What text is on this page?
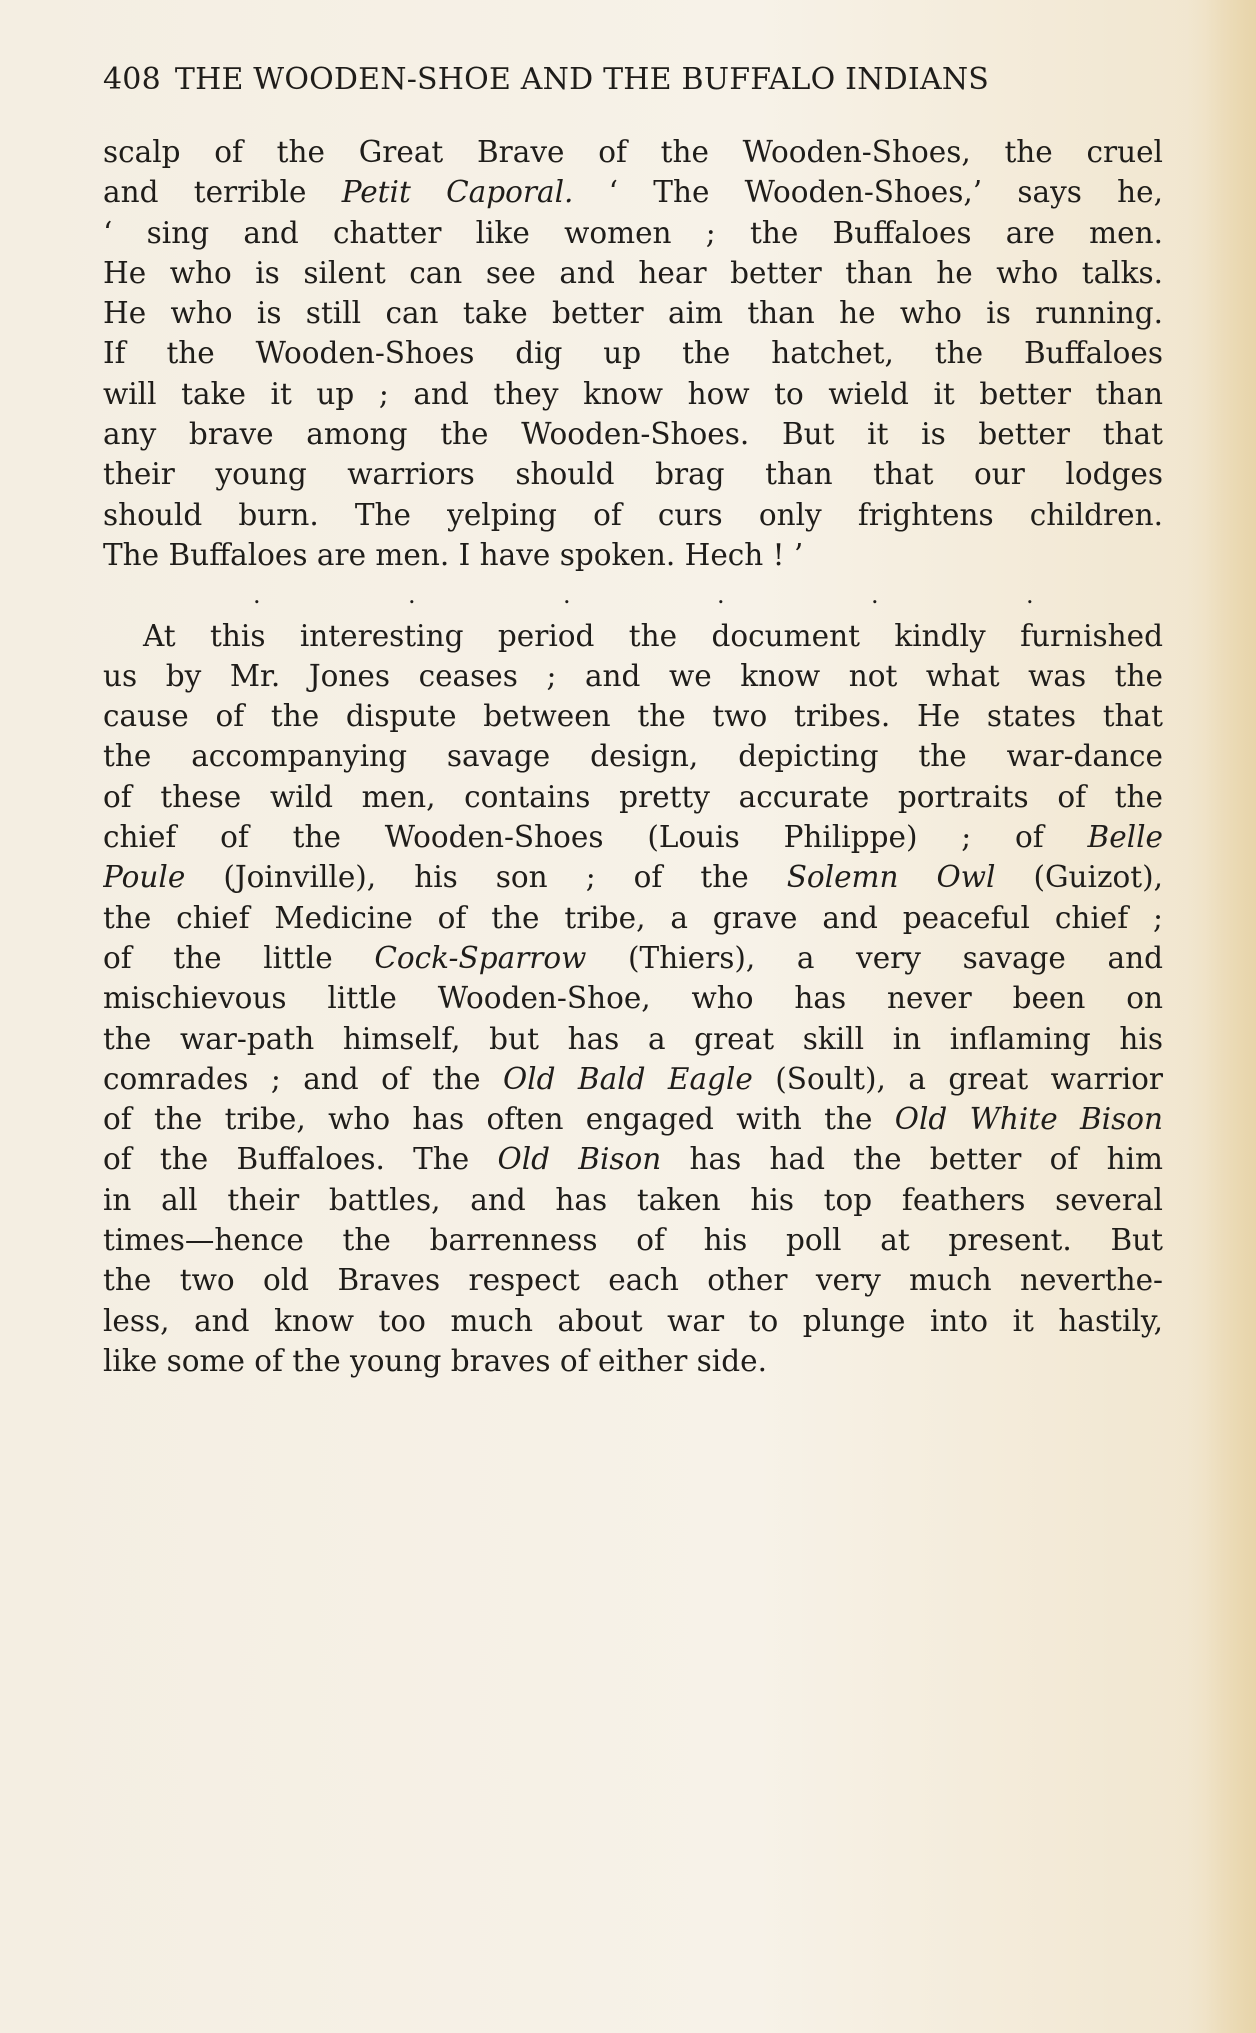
408 THE WOODEN-SHOE AND THE BUFFALO INDIANS
scalp of the Great Brave of the Wooden-Shoes, the cruel
and terrible Petit Caporal. ‘ The Wooden-Shoes,’ says he,
‘ sing and chatter like women ; the Buffaloes are men.
He who is silent can see and hear better than he who talks.
He who is still can take better aim than he who is running.
If the Wooden-Shoes dig up the hatchet, the Buffaloes
will take it up ; and they know how to wield it better than
any brave among the Wooden-Shoes. But it is better that
their young warriors should brag than that our lodges
should burn. The yelping of curs only frightens children.
The Buffaloes are men. I have spoken. Hech ! ’
.	.	.	.	.	.
At this interesting period the document kindly furnished
us by Mr. Jones ceases ; and we know not what was the
cause of the dispute between the two tribes. He states that
the accompanying savage design, depicting the war-dance
of these wild men, contains pretty accurate portraits of the
chief of the Wooden-Shoes (Louis Philippe) ; of Belle
Poule (Joinville), his son ; of the Solemn Owl (Guizot),
the chief Medicine of the tribe, a grave and peaceful chief ;
of the little Cock-Sparrow (Thiers), a very savage and
mischievous little Wooden-Shoe, who has never been on
the war-path himself, but has a great skill in inflaming his
comrades ; and of the Old Bald Eagle (Soult), a great warrior
of the tribe, who has often engaged with the Old White Bison
of the Buffaloes. The Old Bison has had the better of him
in all their battles, and has taken his top feathers several
times—hence the barrenness of his poll at present. But
the two old Braves respect each other very much neverthe-
less, and know too much about war to plunge into it hastily,
like some of the young braves of either side.
